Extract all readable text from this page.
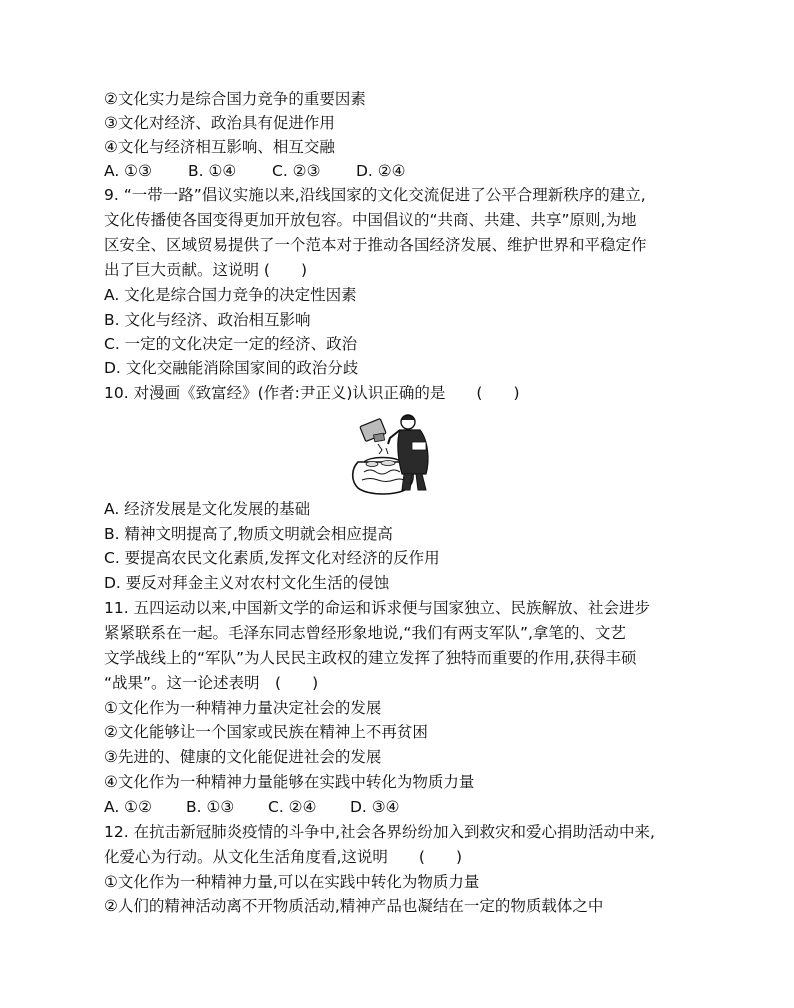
②文化实力是综合国力竞争的重要因素
③文化对经济、政治具有促进作用
④文化与经济相互影响、相互交融
A. ①③ B. ①④ C. ②③ D. ②④
9. “一带一路”倡议实施以来,沿线国家的文化交流促进了公平合理新秩序的建立,
文化传播使各国变得更加开放包容。中国倡议的“共商、共建、共享”原则,为地
区安全、区域贸易提供了一个范本对于推动各国经济发展、维护世界和平稳定作
出了巨大贡献。这说明 (　　)
A. 文化是综合国力竞争的决定性因素
B. 文化与经济、政治相互影响
C. 一定的文化决定一定的经济、政治
D. 文化交融能消除国家间的政治分歧
10. 对漫画《致富经》(作者:尹正义)认识正确的是　　(　　)
A. 经济发展是文化发展的基础
B. 精神文明提高了,物质文明就会相应提高
C. 要提高农民文化素质,发挥文化对经济的反作用
D. 要反对拜金主义对农村文化生活的侵蚀
11. 五四运动以来,中国新文学的命运和诉求便与国家独立、民族解放、社会进步
紧紧联系在一起。毛泽东同志曾经形象地说,“我们有两支军队”,拿笔的、文艺
文学战线上的“军队”为人民民主政权的建立发挥了独特而重要的作用,获得丰硕
“战果”。这一论述表明　(　　)
①文化作为一种精神力量决定社会的发展
②文化能够让一个国家或民族在精神上不再贫困
③先进的、健康的文化能促进社会的发展
④文化作为一种精神力量能够在实践中转化为物质力量
A. ①② B. ①③ C. ②④ D. ③④
12. 在抗击新冠肺炎疫情的斗争中,社会各界纷纷加入到救灾和爱心捐助活动中来,
化爱心为行动。从文化生活角度看,这说明　　(　　)
①文化作为一种精神力量,可以在实践中转化为物质力量
②人们的精神活动离不开物质活动,精神产品也凝结在一定的物质载体之中
